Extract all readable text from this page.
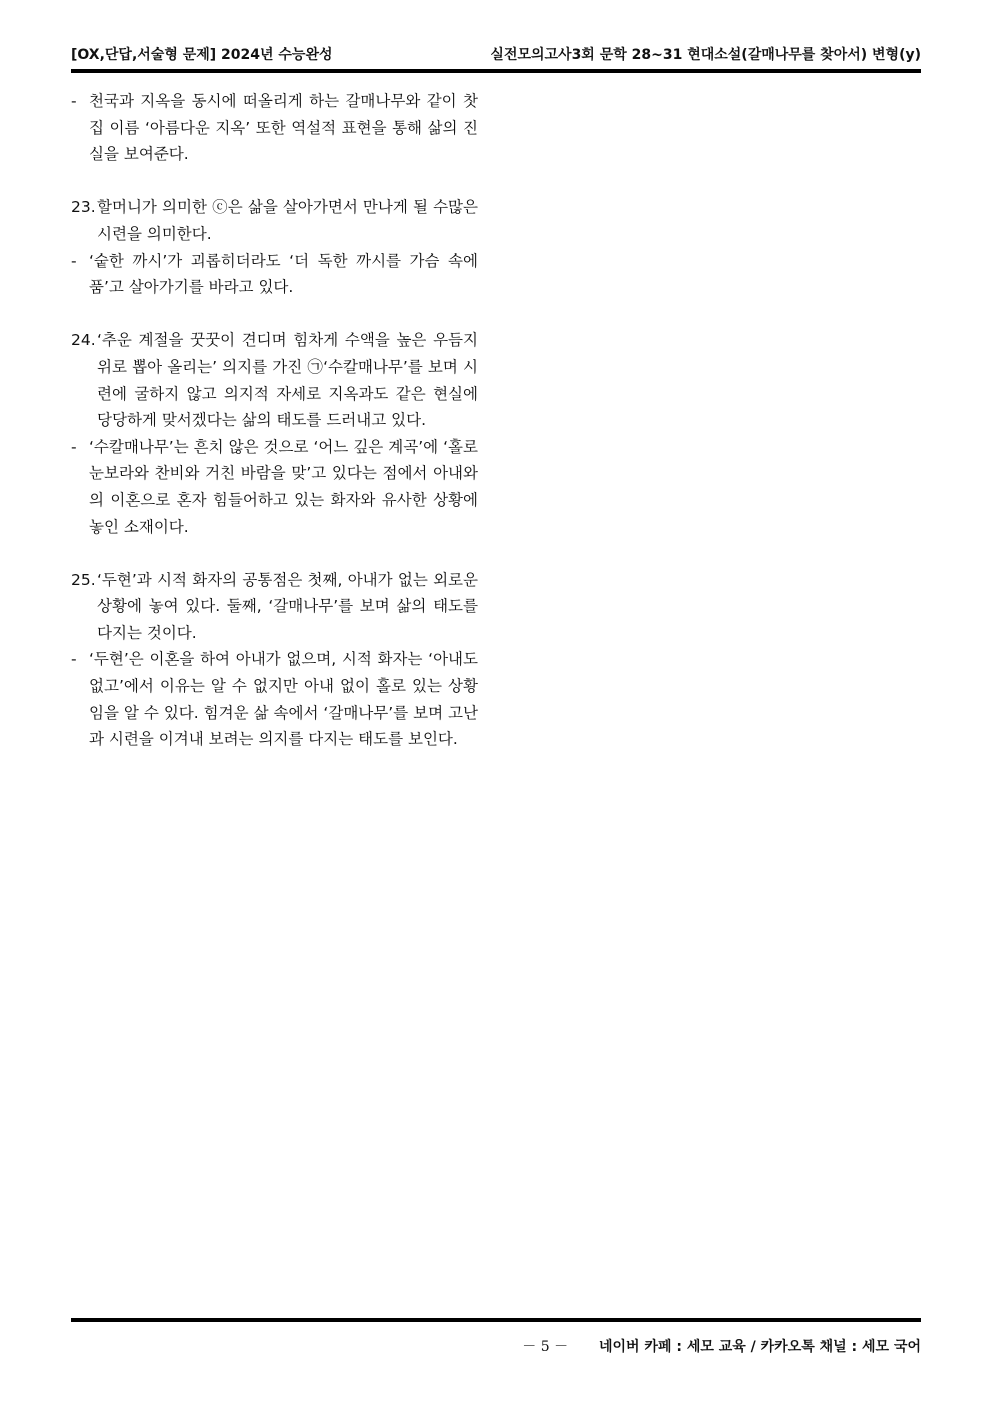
[OX,단답,서술형 문제] 2024년 수능완성	실전모의고사3회 문학 28~31 현대소설(갈매나무를 찾아서) 변형(y)

- 천국과 지옥을 동시에 떠올리게 하는 갈매나무와 같이 찻집 이름 ‘아름다운 지옥’ 또한 역설적 표현을 통해 삶의 진실을 보여준다.

23. 할머니가 의미한 ⓒ은 삶을 살아가면서 만나게 될 수많은 시련을 의미한다.

- ‘숱한 까시’가 괴롭히더라도 ‘더 독한 까시를 가슴 속에 품’고 살아가기를 바라고 있다.

24. ‘추운 계절을 꿋꿋이 견디며 힘차게 수액을 높은 우듬지 위로 뽑아 올리는’ 의지를 가진 ㉠‘수칼매나무’를 보며 시련에 굴하지 않고 의지적 자세로 지옥과도 같은 현실에 당당하게 맞서겠다는 삶의 태도를 드러내고 있다.

- ‘수칼매나무’는 흔치 않은 것으로 ‘어느 깊은 계곡’에 ‘홀로 눈보라와 찬비와 거친 바람을 맞’고 있다는 점에서 아내와의 이혼으로 혼자 힘들어하고 있는 화자와 유사한 상황에 놓인 소재이다.

25. ‘두현’과 시적 화자의 공통점은 첫째, 아내가 없는 외로운 상황에 놓여 있다. 둘째, ‘갈매나무’를 보며 삶의 태도를 다지는 것이다.

- ‘두현’은 이혼을 하여 아내가 없으며, 시적 화자는 ‘아내도 없고’에서 이유는 알 수 없지만 아내 없이 홀로 있는 상황임을 알 수 있다. 힘겨운 삶 속에서 ‘갈매나무’를 보며 고난과 시련을 이겨내 보려는 의지를 다지는 태도를 보인다.

－ 5 － 네이버 카페 : 세모 교육 / 카카오톡 채널 : 세모 국어
